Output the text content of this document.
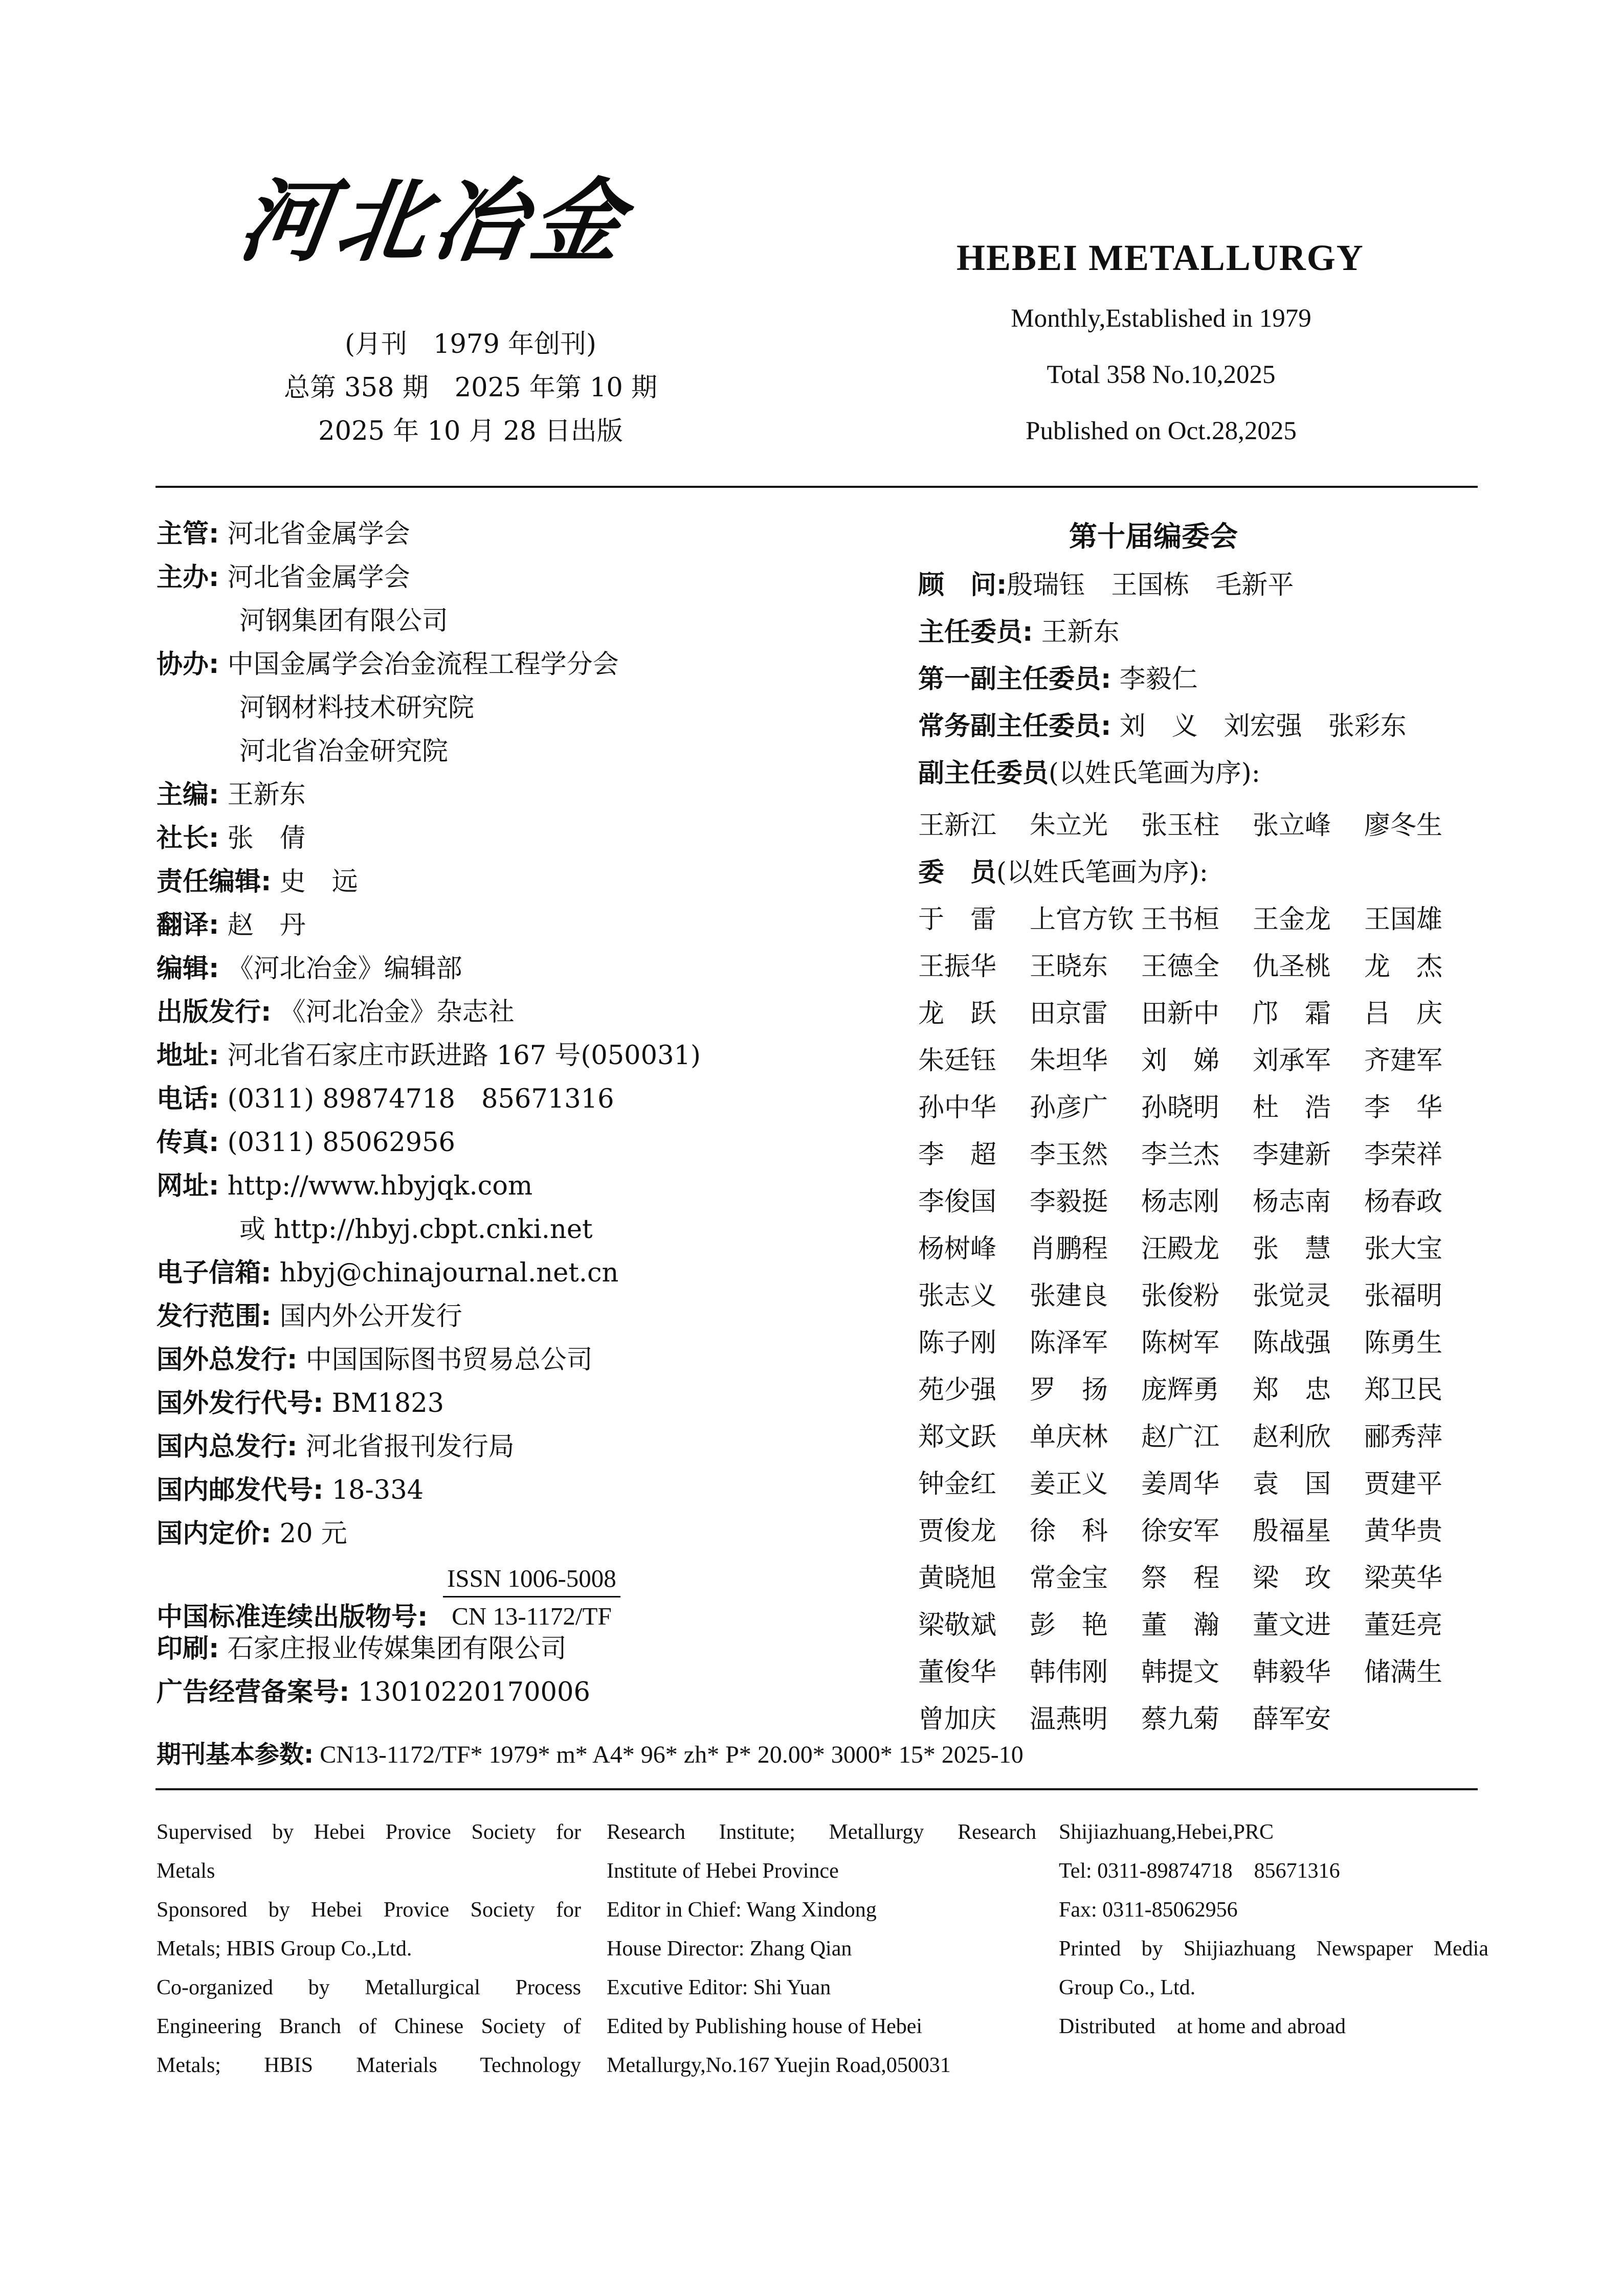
河北冶金
(月刊　1979 年创刊)
总第 358 期　2025 年第 10 期
2025 年 10 月 28 日出版
HEBEI METALLURGY
Monthly,Established in 1979
Total 358 No.10,2025
Published on Oct.28,2025
主管: 河北省金属学会
主办: 河北省金属学会
河钢集团有限公司
协办: 中国金属学会冶金流程工程学分会
河钢材料技术研究院
河北省冶金研究院
主编: 王新东
社长: 张　倩
责任编辑: 史　远
翻译: 赵　丹
编辑: 《河北冶金》编辑部
出版发行: 《河北冶金》杂志社
地址: 河北省石家庄市跃进路 167 号(050031)
电话: (0311) 89874718　85671316
传真: (0311) 85062956
网址: http://www.hbyjqk.com
或 http://hbyj.cbpt.cnki.net
电子信箱: hbyj@chinajournal.net.cn
发行范围: 国内外公开发行
国外总发行: 中国国际图书贸易总公司
国外发行代号: BM1823
国内总发行: 河北省报刊发行局
国内邮发代号: 18-334
国内定价: 20 元
中国标准连续出版物号:
ISSN 1006-5008
CN 13-1172/TF
印刷: 石家庄报业传媒集团有限公司
广告经营备案号: 13010220170006
期刊基本参数: CN13-1172/TF* 1979* m* A4* 96* zh* P* 20.00* 3000* 15* 2025-10
第十届编委会
顾　问:殷瑞钰　王国栋　毛新平
主任委员: 王新东
第一副主任委员: 李毅仁
常务副主任委员: 刘　义　刘宏强　张彩东
副主任委员(以姓氏笔画为序):
王新江	朱立光	张玉柱	张立峰	廖冬生
委　员(以姓氏笔画为序):
于　雷	上官方钦 王书桓	王金龙	王国雄
王振华	王晓东	王德全	仇圣桃	龙　杰
龙　跃	田京雷	田新中	邝　霜	吕　庆
朱廷钰	朱坦华	刘　娣	刘承军	齐建军
孙中华	孙彦广	孙晓明	杜　浩	李　华
李　超	李玉然	李兰杰	李建新	李荣祥
李俊国	李毅挺	杨志刚	杨志南	杨春政
杨树峰	肖鹏程	汪殿龙	张　慧	张大宝
张志义	张建良	张俊粉	张觉灵	张福明
陈子刚	陈泽军	陈树军	陈战强	陈勇生
苑少强	罗　扬	庞辉勇	郑　忠	郑卫民
郑文跃	单庆林	赵广江	赵利欣	郦秀萍
钟金红	姜正义	姜周华	袁　国	贾建平
贾俊龙	徐　科	徐安军	殷福星	黄华贵
黄晓旭	常金宝	祭　程	梁　玫	梁英华
梁敬斌	彭　艳	董　瀚	董文进	董廷亮
董俊华	韩伟刚	韩提文	韩毅华	储满生
曾加庆	温燕明	蔡九菊	薛军安
Supervised by Hebei Provice Society for
Metals
Sponsored by Hebei Provice Society for
Metals; HBIS Group Co.,Ltd.
Co-organized by Metallurgical Process
Engineering Branch of Chinese Society of
Metals; HBIS Materials Technology
Research Institute; Metallurgy Research
Institute of Hebei Province
Editor in Chief: Wang Xindong
House Director: Zhang Qian
Excutive Editor: Shi Yuan
Edited by Publishing house of Hebei
Metallurgy,No.167 Yuejin Road,050031
Shijiazhuang,Hebei,PRC
Tel: 0311-89874718　85671316
Fax: 0311-85062956
Printed by Shijiazhuang Newspaper Media
Group Co., Ltd.
Distributed　at home and abroad
